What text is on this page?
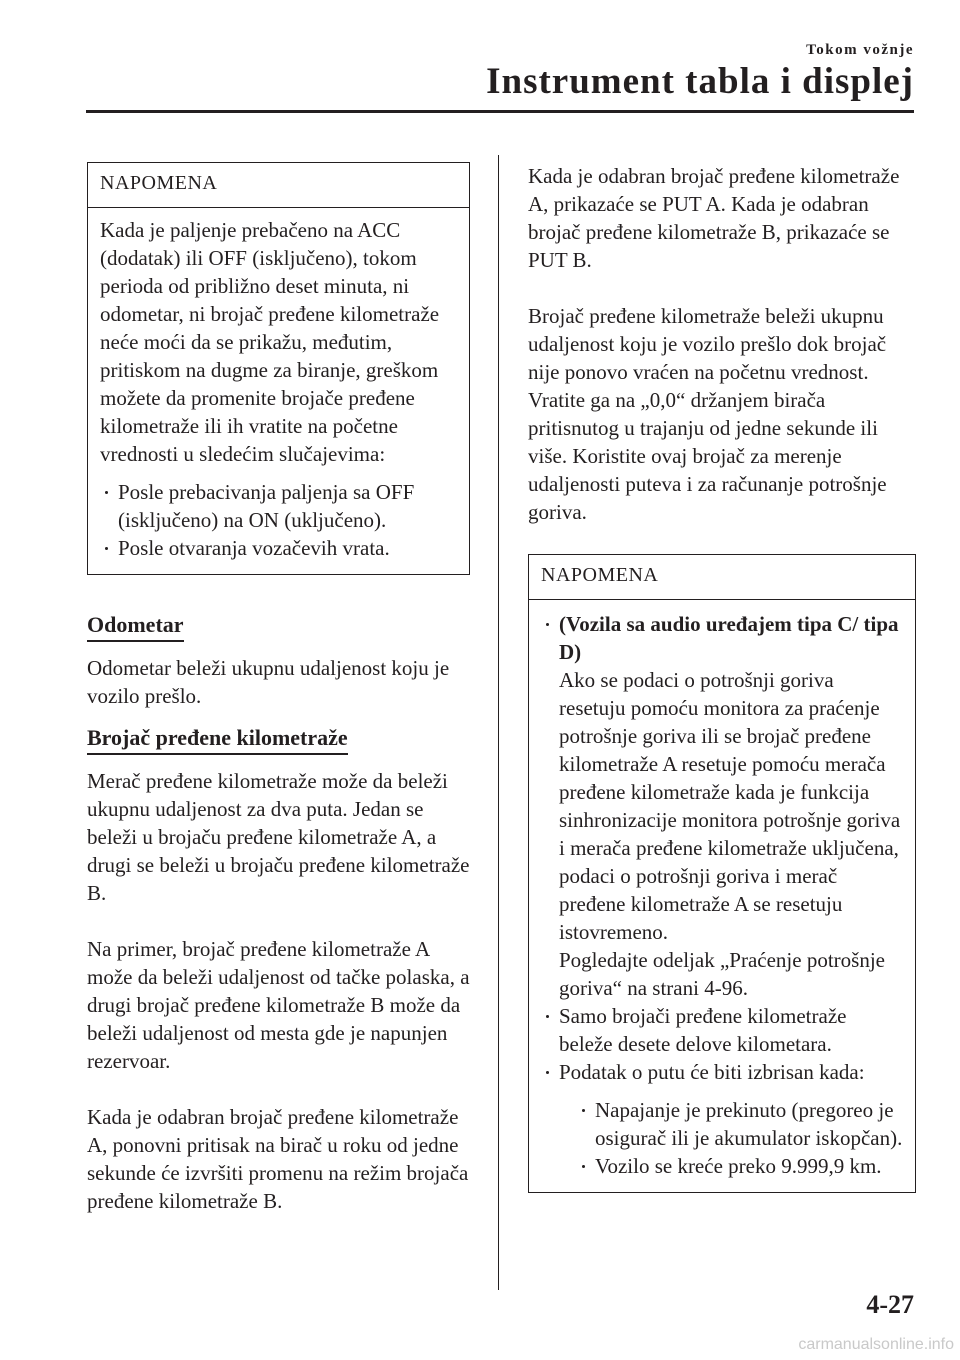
Tokom vožnje
Instrument tabla i displej
NAPOMENA

Kada je paljenje prebačeno na ACC (dodatak) ili OFF (isključeno), tokom perioda od približno deset minuta, ni odometar, ni brojač pređene kilometraže neće moći da se prikažu, međutim, pritiskom na dugme za biranje, greškom možete da promenite brojače pređene kilometraže ili ih vratite na početne vrednosti u sledećim slučajevima:

Posle prebacivanja paljenja sa OFF (isključeno) na ON (uključeno).
Posle otvaranja vozačevih vrata.
Odometar

Odometar beleži ukupnu udaljenost koju je vozilo prešlo.

Brojač pređene kilometraže

Merač pređene kilometraže može da beleži ukupnu udaljenost za dva puta. Jedan se beleži u brojaču pređene kilometraže A, a drugi se beleži u brojaču pređene kilometraže B.

Na primer, brojač pređene kilometraže A može da beleži udaljenost od tačke polaska, a drugi brojač pređene kilometraže B može da beleži udaljenost od mesta gde je napunjen rezervoar.

Kada je odabran brojač pređene kilometraže A, ponovni pritisak na birač u roku od jedne sekunde će izvršiti promenu na režim brojača pređene kilometraže B.

Kada je odabran brojač pređene kilometraže A, prikazaće se PUT A. Kada je odabran brojač pređene kilometraže B, prikazaće se PUT B.

Brojač pređene kilometraže beleži ukupnu udaljenost koju je vozilo prešlo dok brojač nije ponovo vraćen na početnu vrednost. Vratite ga na „0,0“ držanjem birača pritisnutog u trajanju od jedne sekunde ili više. Koristite ovaj brojač za merenje udaljenosti puteva i za računanje potrošnje goriva.

NAPOMENA
(Vozila sa audio uređajem tipa C/ tipa D)
Ako se podaci o potrošnji goriva resetuju pomoću monitora za praćenje potrošnje goriva ili se brojač pređene kilometraže A resetuje pomoću merača pređene kilometraže kada je funkcija sinhronizacije monitora potrošnje goriva i merača pređene kilometraže uključena, podaci o potrošnji goriva i merač pređene kilometraže A se resetuju istovremeno.
Pogledajte odeljak „Praćenje potrošnje goriva“ na strani 4-96.
Samo brojači pređene kilometraže beleže desete delove kilometara.
Podatak o putu će biti izbrisan kada:
Napajanje je prekinuto (pregoreo je osigurač ili je akumulator iskopčan).
Vozilo se kreće preko 9.999,9 km.
4-27
carmanualsonline.info
